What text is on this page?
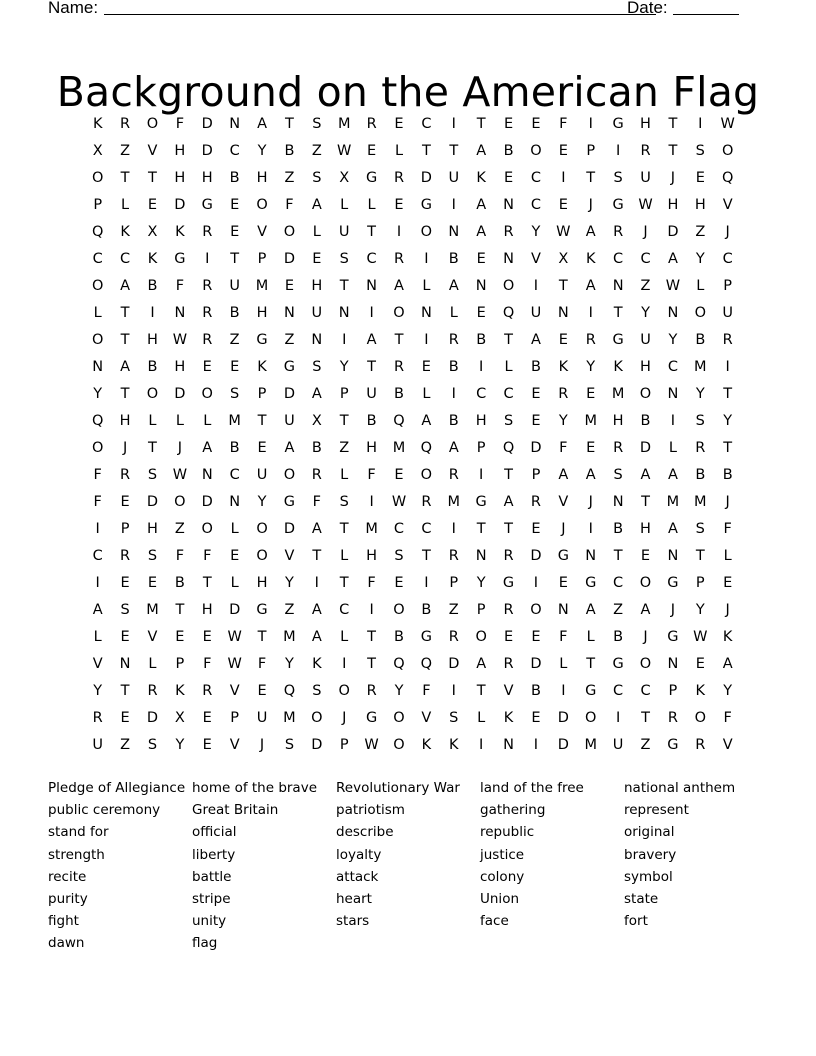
Name:	Date:
Background on the American Flag
K	R	O	F	D	N	A	T	S	M	R	E	C	I	T	E	E	F	I	G	H	T	I	W
X	Z	V	H	D	C	Y	B	Z	W	E	L	T	T	A	B	O	E	P	I	R	T	S	O
O	T	T	H	H	B	H	Z	S	X	G	R	D	U	K	E	C	I	T	S	U	J	E	Q
P	L	E	D	G	E	O	F	A	L	L	E	G	I	A	N	C	E	J	G	W	H	H	V
Q	K	X	K	R	E	V	O	L	U	T	I	O	N	A	R	Y	W	A	R	J	D	Z	J
C	C	K	G	I	T	P	D	E	S	C	R	I	B	E	N	V	X	K	C	C	A	Y	C
O	A	B	F	R	U	M	E	H	T	N	A	L	A	N	O	I	T	A	N	Z	W	L	P
L	T	I	N	R	B	H	N	U	N	I	O	N	L	E	Q	U	N	I	T	Y	N	O	U
O	T	H	W	R	Z	G	Z	N	I	A	T	I	R	B	T	A	E	R	G	U	Y	B	R
N	A	B	H	E	E	K	G	S	Y	T	R	E	B	I	L	B	K	Y	K	H	C	M	I
Y	T	O	D	O	S	P	D	A	P	U	B	L	I	C	C	E	R	E	M	O	N	Y	T
Q	H	L	L	L	M	T	U	X	T	B	Q	A	B	H	S	E	Y	M	H	B	I	S	Y
O	J	T	J	A	B	E	A	B	Z	H	M	Q	A	P	Q	D	F	E	R	D	L	R	T
F	R	S	W	N	C	U	O	R	L	F	E	O	R	I	T	P	A	A	S	A	A	B	B
F	E	D	O	D	N	Y	G	F	S	I	W	R	M	G	A	R	V	J	N	T	M	M	J
I	P	H	Z	O	L	O	D	A	T	M	C	C	I	T	T	E	J	I	B	H	A	S	F
C	R	S	F	F	E	O	V	T	L	H	S	T	R	N	R	D	G	N	T	E	N	T	L
I	E	E	B	T	L	H	Y	I	T	F	E	I	P	Y	G	I	E	G	C	O	G	P	E
A	S	M	T	H	D	G	Z	A	C	I	O	B	Z	P	R	O	N	A	Z	A	J	Y	J
L	E	V	E	E	W	T	M	A	L	T	B	G	R	O	E	E	F	L	B	J	G	W	K
V	N	L	P	F	W	F	Y	K	I	T	Q	Q	D	A	R	D	L	T	G	O	N	E	A
Y	T	R	K	R	V	E	Q	S	O	R	Y	F	I	T	V	B	I	G	C	C	P	K	Y
R	E	D	X	E	P	U	M	O	J	G	O	V	S	L	K	E	D	O	I	T	R	O	F
U	Z	S	Y	E	V	J	S	D	P	W	O	K	K	I	N	I	D	M	U	Z	G	R	V
Pledge of Allegiance
public ceremony
stand for
strength
recite
purity
fight
dawn
home of the brave
Great Britain
official
liberty
battle
stripe
unity
flag
Revolutionary War
patriotism
describe
loyalty
attack
heart
stars
land of the free
gathering
republic
justice
colony
Union
face
national anthem
represent
original
bravery
symbol
state
fort
